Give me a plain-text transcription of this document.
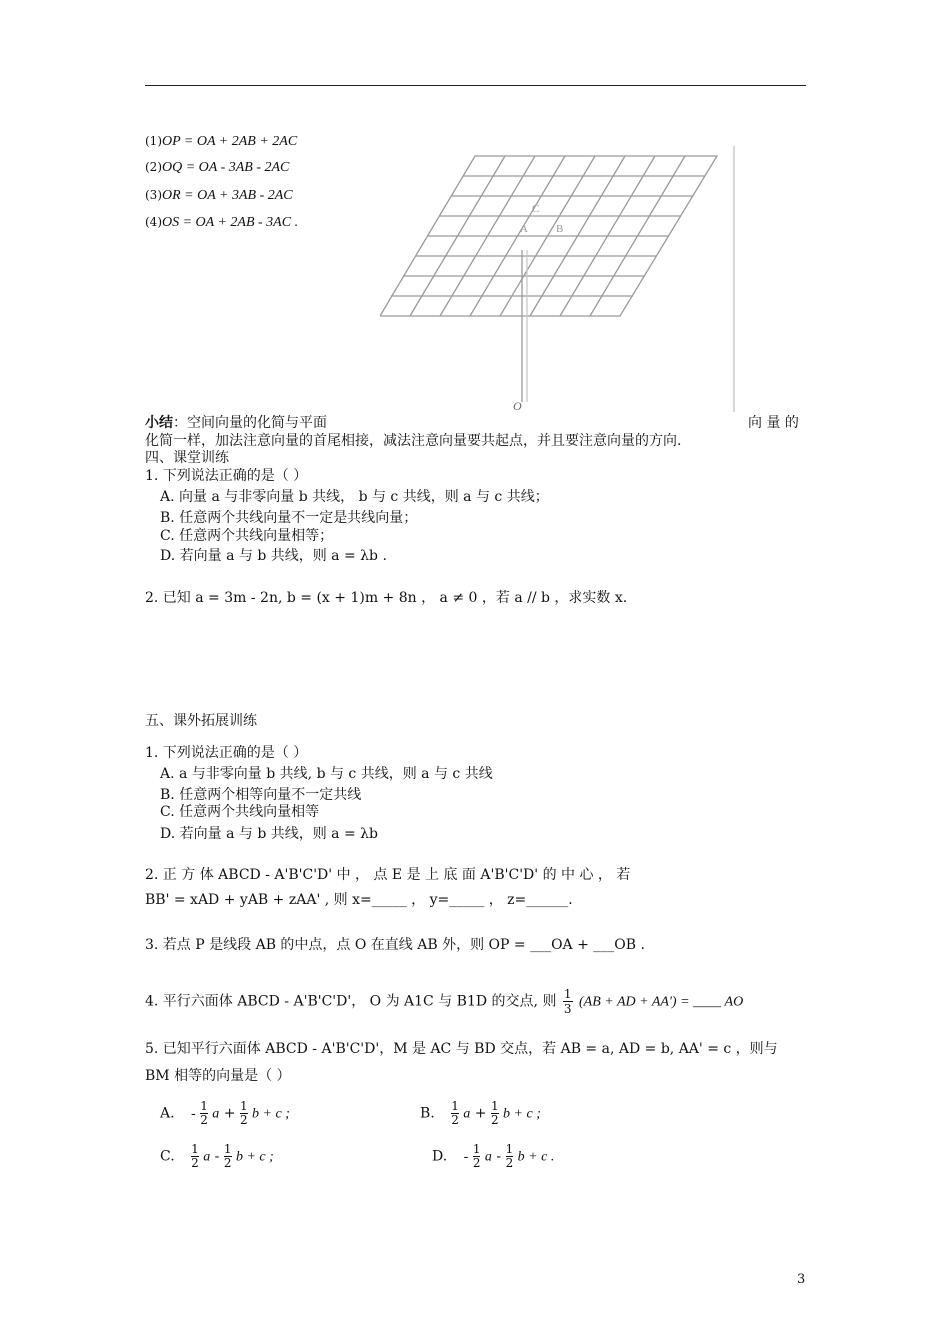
(1)OP = OA + 2AB + 2AC
(2)OQ = OA - 3AB - 2AC
(3)OR = OA + 3AB - 2AC
(4)OS = OA + 2AB - 3AC .
C
A	B
O
小结：空间向量的化简与平面	向 量 的
化简一样，加法注意向量的首尾相接，减法注意向量要共起点，并且要注意向量的方向.
四、课堂训练
1. 下列说法正确的是（ ）
A. 向量 a 与非零向量 b 共线， b 与 c 共线，则 a 与 c 共线；
B. 任意两个共线向量不一定是共线向量；
C. 任意两个共线向量相等；
D. 若向量 a 与 b 共线，则 a = λb .
2. 已知 a = 3m - 2n, b = (x + 1)m + 8n ， a ≠ 0 ，若 a // b ，求实数 x.
五、课外拓展训练
1. 下列说法正确的是（ ）
A. a 与非零向量 b 共线, b 与 c 共线，则 a 与 c 共线
B. 任意两个相等向量不一定共线
C. 任意两个共线向量相等
D. 若向量 a 与 b 共线，则 a = λb
2. 正 方 体 ABCD - A'B'C'D' 中 ， 点 E 是 上 底 面 A'B'C'D' 的 中 心 ， 若
BB' = xAD + yAB + zAA' , 则 x=_____ ， y=_____ ， z=______.
3. 若点 P 是线段 AB 的中点，点 O 在直线 AB 外，则 OP = ___OA + ___OB .
4. 平行六面体 ABCD - A'B'C'D'， O 为 A1C 与 B1D 的交点, 则 $\frac{1}{3} (AB$ + AD + AA') = ____ AO
5. 已知平行六面体 ABCD - A'B'C'D'，M 是 AC 与 BD 交点，若 AB = a, AD = b, AA' = c ，则与
BM 相等的向量是（ ）
A. - $\frac{1}{2}$ $a + \frac{1}{2}$ b + c ;	B. $\frac{1}{2}$ $a + \frac{1}{2}$ b + c ;
C. $\frac{1}{2}$ a - $\frac{1}{2}$ b + c ;	D. - $\frac{1}{2}$ a - $\frac{1}{2}$ b + c .
3
